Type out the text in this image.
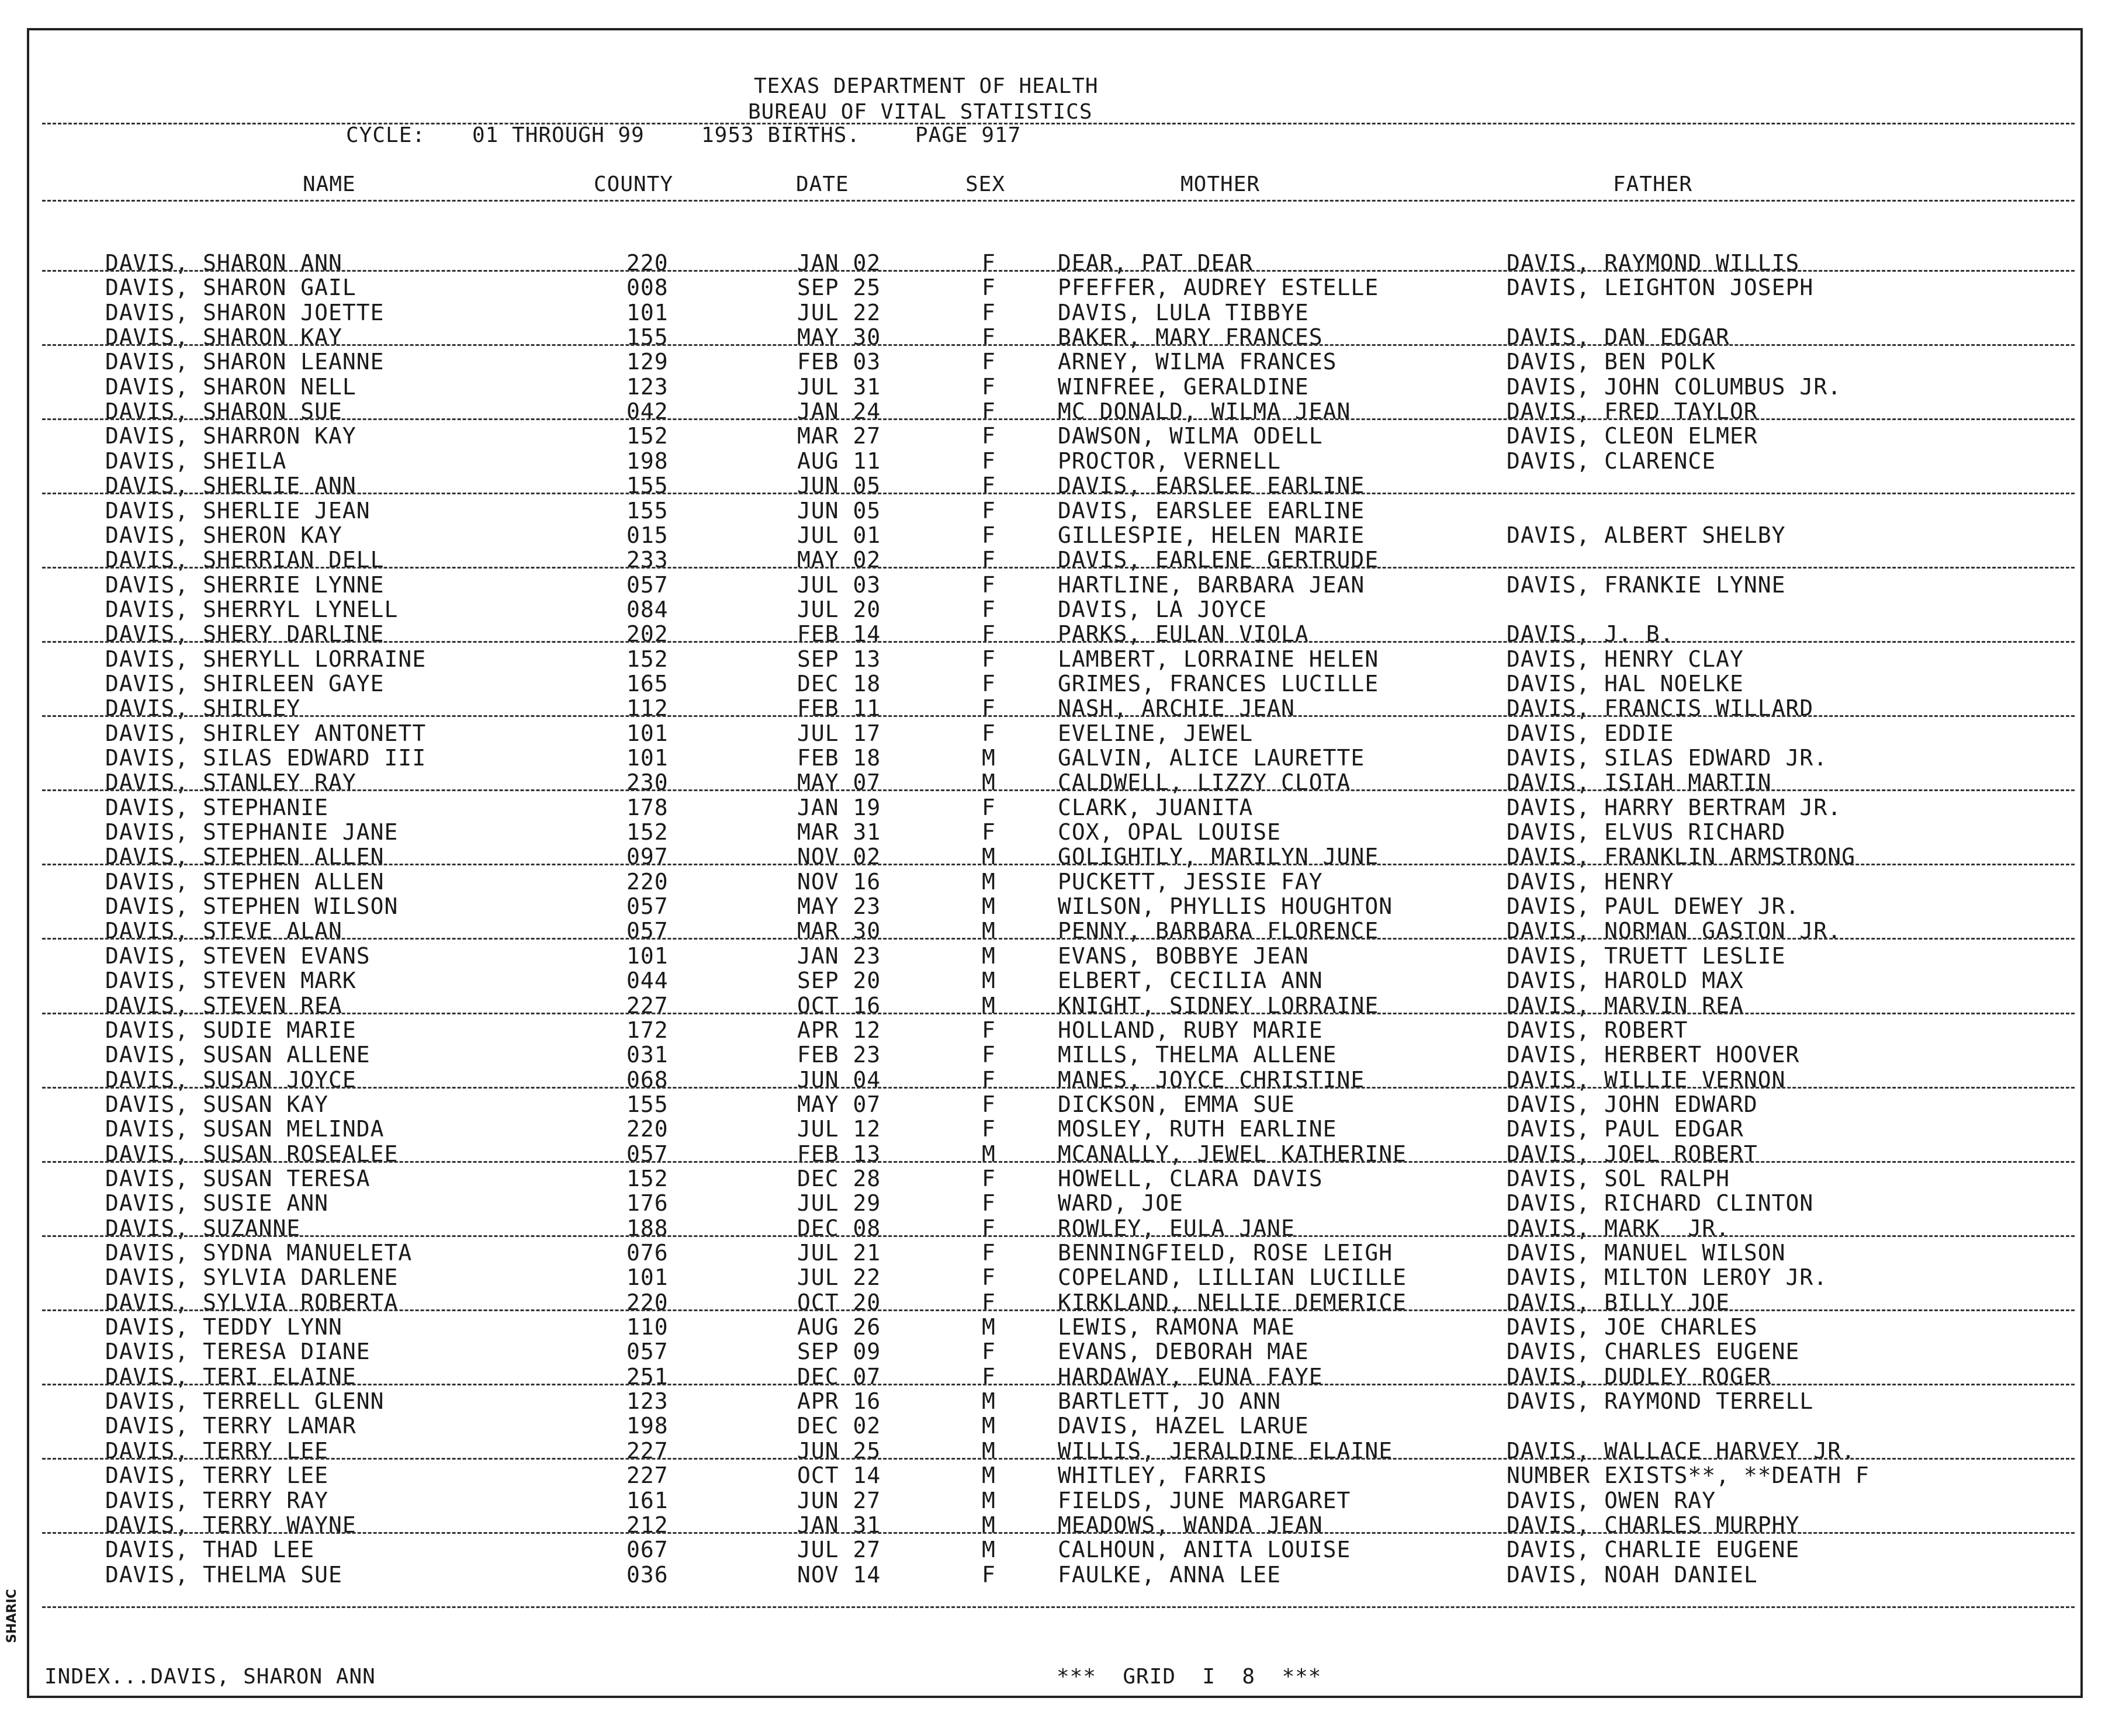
TEXAS DEPARTMENT OF HEALTH
BUREAU OF VITAL STATISTICS
CYCLE: 01 THROUGH 99	1953 BIRTHS.	PAGE 917
NAME	COUNTY	DATE	SEX	MOTHER	FATHER
DAVIS, SHARON ANN	220	JAN 02	F	DEAR, PAT DEAR	DAVIS, RAYMOND WILLIS
DAVIS, SHARON GAIL	008	SEP 25	F	PFEFFER, AUDREY ESTELLE	DAVIS, LEIGHTON JOSEPH
DAVIS, SHARON JOETTE	101	JUL 22	F	DAVIS, LULA TIBBYE
DAVIS, SHARON KAY	155	MAY 30	F	BAKER, MARY FRANCES	DAVIS, DAN EDGAR
DAVIS, SHARON LEANNE	129	FEB 03	F	ARNEY, WILMA FRANCES	DAVIS, BEN POLK
DAVIS, SHARON NELL	123	JUL 31	F	WINFREE, GERALDINE	DAVIS, JOHN COLUMBUS JR.
DAVIS, SHARON SUE	042	JAN 24	F	MC DONALD, WILMA JEAN	DAVIS, FRED TAYLOR
DAVIS, SHARRON KAY	152	MAR 27	F	DAWSON, WILMA ODELL	DAVIS, CLEON ELMER
DAVIS, SHEILA	198	AUG 11	F	PROCTOR, VERNELL	DAVIS, CLARENCE
DAVIS, SHERLIE ANN	155	JUN 05	F	DAVIS, EARSLEE EARLINE
DAVIS, SHERLIE JEAN	155	JUN 05	F	DAVIS, EARSLEE EARLINE
DAVIS, SHERON KAY	015	JUL 01	F	GILLESPIE, HELEN MARIE	DAVIS, ALBERT SHELBY
DAVIS, SHERRIAN DELL	233	MAY 02	F	DAVIS, EARLENE GERTRUDE
DAVIS, SHERRIE LYNNE	057	JUL 03	F	HARTLINE, BARBARA JEAN	DAVIS, FRANKIE LYNNE
DAVIS, SHERRYL LYNELL	084	JUL 20	F	DAVIS, LA JOYCE
DAVIS, SHERY DARLINE	202	FEB 14	F	PARKS, EULAN VIOLA	DAVIS, J. B.
DAVIS, SHERYLL LORRAINE	152	SEP 13	F	LAMBERT, LORRAINE HELEN	DAVIS, HENRY CLAY
DAVIS, SHIRLEEN GAYE	165	DEC 18	F	GRIMES, FRANCES LUCILLE	DAVIS, HAL NOELKE
DAVIS, SHIRLEY	112	FEB 11	F	NASH, ARCHIE JEAN	DAVIS, FRANCIS WILLARD
DAVIS, SHIRLEY ANTONETT	101	JUL 17	F	EVELINE, JEWEL	DAVIS, EDDIE
DAVIS, SILAS EDWARD III	101	FEB 18	M	GALVIN, ALICE LAURETTE	DAVIS, SILAS EDWARD JR.
DAVIS, STANLEY RAY	230	MAY 07	M	CALDWELL, LIZZY CLOTA	DAVIS, ISIAH MARTIN
DAVIS, STEPHANIE	178	JAN 19	F	CLARK, JUANITA	DAVIS, HARRY BERTRAM JR.
DAVIS, STEPHANIE JANE	152	MAR 31	F	COX, OPAL LOUISE	DAVIS, ELVUS RICHARD
DAVIS, STEPHEN ALLEN	097	NOV 02	M	GOLIGHTLY, MARILYN JUNE	DAVIS, FRANKLIN ARMSTRONG
DAVIS, STEPHEN ALLEN	220	NOV 16	M	PUCKETT, JESSIE FAY	DAVIS, HENRY
DAVIS, STEPHEN WILSON	057	MAY 23	M	WILSON, PHYLLIS HOUGHTON	DAVIS, PAUL DEWEY JR.
DAVIS, STEVE ALAN	057	MAR 30	M	PENNY, BARBARA FLORENCE	DAVIS, NORMAN GASTON JR.
DAVIS, STEVEN EVANS	101	JAN 23	M	EVANS, BOBBYE JEAN	DAVIS, TRUETT LESLIE
DAVIS, STEVEN MARK	044	SEP 20	M	ELBERT, CECILIA ANN	DAVIS, HAROLD MAX
DAVIS, STEVEN REA	227	OCT 16	M	KNIGHT, SIDNEY LORRAINE	DAVIS, MARVIN REA
DAVIS, SUDIE MARIE	172	APR 12	F	HOLLAND, RUBY MARIE	DAVIS, ROBERT
DAVIS, SUSAN ALLENE	031	FEB 23	F	MILLS, THELMA ALLENE	DAVIS, HERBERT HOOVER
DAVIS, SUSAN JOYCE	068	JUN 04	F	MANES, JOYCE CHRISTINE	DAVIS, WILLIE VERNON
DAVIS, SUSAN KAY	155	MAY 07	F	DICKSON, EMMA SUE	DAVIS, JOHN EDWARD
DAVIS, SUSAN MELINDA	220	JUL 12	F	MOSLEY, RUTH EARLINE	DAVIS, PAUL EDGAR
DAVIS, SUSAN ROSEALEE	057	FEB 13	M	MCANALLY, JEWEL KATHERINE	DAVIS, JOEL ROBERT
DAVIS, SUSAN TERESA	152	DEC 28	F	HOWELL, CLARA DAVIS	DAVIS, SOL RALPH
DAVIS, SUSIE ANN	176	JUL 29	F	WARD, JOE	DAVIS, RICHARD CLINTON
DAVIS, SUZANNE	188	DEC 08	F	ROWLEY, EULA JANE	DAVIS, MARK  JR.
DAVIS, SYDNA MANUELETA	076	JUL 21	F	BENNINGFIELD, ROSE LEIGH	DAVIS, MANUEL WILSON
DAVIS, SYLVIA DARLENE	101	JUL 22	F	COPELAND, LILLIAN LUCILLE	DAVIS, MILTON LEROY JR.
DAVIS, SYLVIA ROBERTA	220	OCT 20	F	KIRKLAND, NELLIE DEMERICE	DAVIS, BILLY JOE
DAVIS, TEDDY LYNN	110	AUG 26	M	LEWIS, RAMONA MAE	DAVIS, JOE CHARLES
DAVIS, TERESA DIANE	057	SEP 09	F	EVANS, DEBORAH MAE	DAVIS, CHARLES EUGENE
DAVIS, TERI ELAINE	251	DEC 07	F	HARDAWAY, EUNA FAYE	DAVIS, DUDLEY ROGER
DAVIS, TERRELL GLENN	123	APR 16	M	BARTLETT, JO ANN	DAVIS, RAYMOND TERRELL
DAVIS, TERRY LAMAR	198	DEC 02	M	DAVIS, HAZEL LARUE
DAVIS, TERRY LEE	227	JUN 25	M	WILLIS, JERALDINE ELAINE	DAVIS, WALLACE HARVEY JR.
DAVIS, TERRY LEE	227	OCT 14	M	WHITLEY, FARRIS	NUMBER EXISTS**, **DEATH F
DAVIS, TERRY RAY	161	JUN 27	M	FIELDS, JUNE MARGARET	DAVIS, OWEN RAY
DAVIS, TERRY WAYNE	212	JAN 31	M	MEADOWS, WANDA JEAN	DAVIS, CHARLES MURPHY
DAVIS, THAD LEE	067	JUL 27	M	CALHOUN, ANITA LOUISE	DAVIS, CHARLIE EUGENE
DAVIS, THELMA SUE	036	NOV 14	F	FAULKE, ANNA LEE	DAVIS, NOAH DANIEL
INDEX...DAVIS, SHARON ANN	***  GRID  I  8  ***
SHARIC
